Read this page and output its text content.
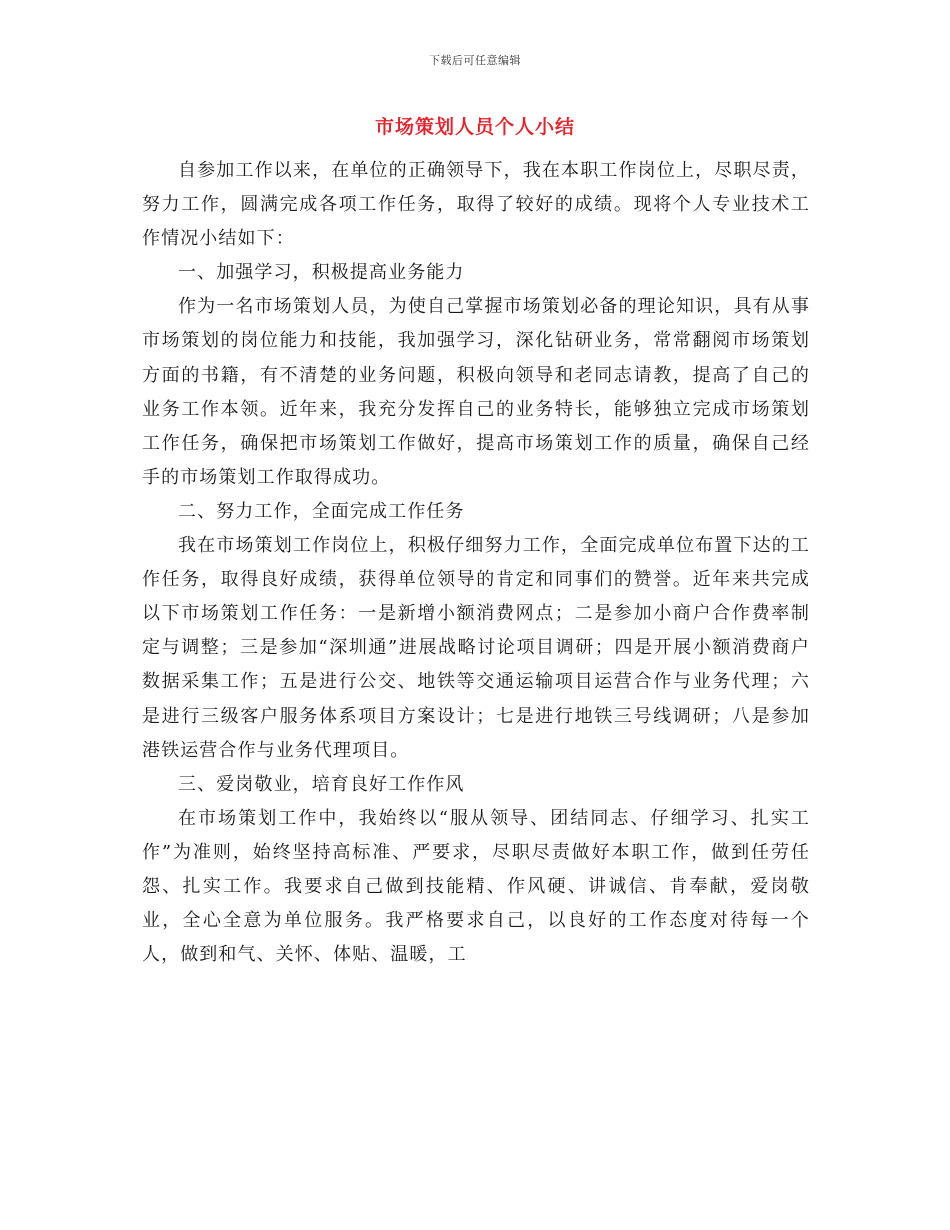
下载后可任意编辑
市场策划人员个人小结

自参加工作以来，在单位的正确领导下，我在本职工作岗位上，尽职尽责，努力工作，圆满完成各项工作任务，取得了较好的成绩。现将个人专业技术工作情况小结如下：

一、加强学习，积极提高业务能力

作为一名市场策划人员，为使自己掌握市场策划必备的理论知识，具有从事市场策划的岗位能力和技能，我加强学习，深化钻研业务，常常翻阅市场策划方面的书籍，有不清楚的业务问题，积极向领导和老同志请教，提高了自己的业务工作本领。近年来，我充分发挥自己的业务特长，能够独立完成市场策划工作任务，确保把市场策划工作做好，提高市场策划工作的质量，确保自己经手的市场策划工作取得成功。

二、努力工作，全面完成工作任务

我在市场策划工作岗位上，积极仔细努力工作，全面完成单位布置下达的工作任务，取得良好成绩，获得单位领导的肯定和同事们的赞誉。近年来共完成以下市场策划工作任务：一是新增小额消费网点；二是参加小商户合作费率制定与调整；三是参加“深圳通”进展战略讨论项目调研；四是开展小额消费商户数据采集工作；五是进行公交、地铁等交通运输项目运营合作与业务代理；六是进行三级客户服务体系项目方案设计；七是进行地铁三号线调研；八是参加港铁运营合作与业务代理项目。

三、爱岗敬业，培育良好工作作风

在市场策划工作中，我始终以“服从领导、团结同志、仔细学习、扎实工作”为准则，始终坚持高标准、严要求，尽职尽责做好本职工作，做到任劳任怨、扎实工作。我要求自己做到技能精、作风硬、讲诚信、肯奉献，爱岗敬业，全心全意为单位服务。我严格要求自己，以良好的工作态度对待每一个人，做到和气、关怀、体贴、温暖，工
